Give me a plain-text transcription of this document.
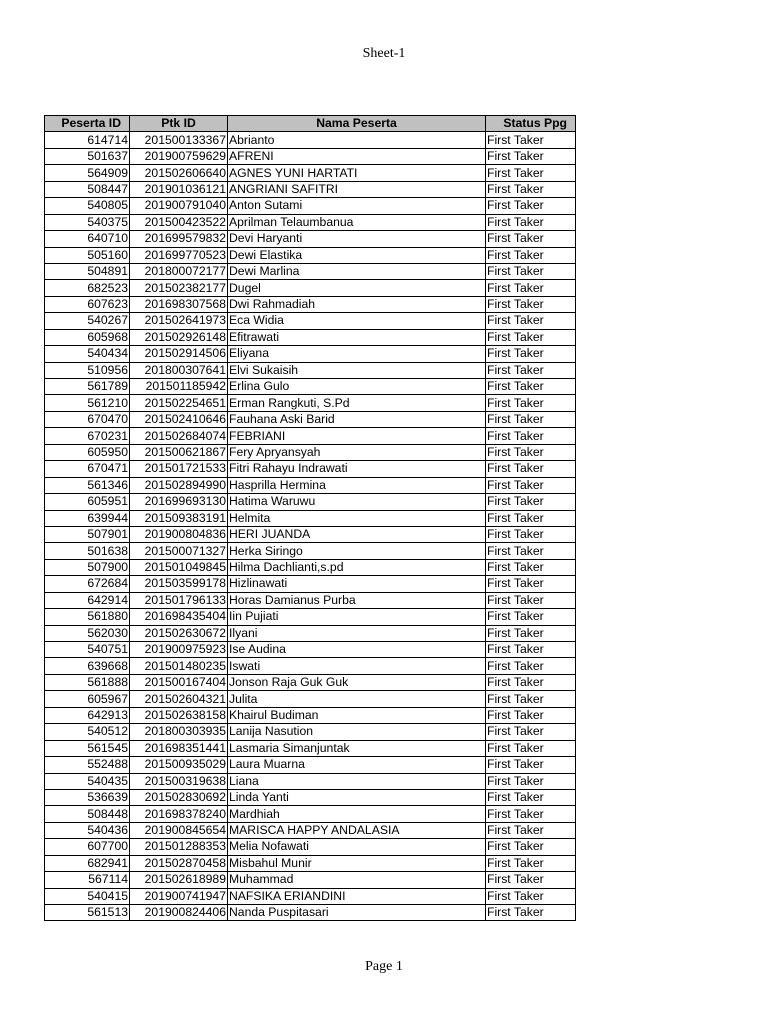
Sheet-1
Peserta ID	Ptk ID	Nama Peserta	Status Ppg
614714	201500133367	Abrianto	First Taker
501637	201900759629	AFRENI	First Taker
564909	201502606640	AGNES YUNI HARTATI	First Taker
508447	201901036121	ANGRIANI SAFITRI	First Taker
540805	201900791040	Anton Sutami	First Taker
540375	201500423522	Aprilman Telaumbanua	First Taker
640710	201699579832	Devi Haryanti	First Taker
505160	201699770523	Dewi Elastika	First Taker
504891	201800072177	Dewi Marlina	First Taker
682523	201502382177	Dugel	First Taker
607623	201698307568	Dwi Rahmadiah	First Taker
540267	201502641973	Eca Widia	First Taker
605968	201502926148	Efitrawati	First Taker
540434	201502914506	Eliyana	First Taker
510956	201800307641	Elvi Sukaisih	First Taker
561789	201501185942	Erlina Gulo	First Taker
561210	201502254651	Erman Rangkuti, S.Pd	First Taker
670470	201502410646	Fauhana Aski Barid	First Taker
670231	201502684074	FEBRIANI	First Taker
605950	201500621867	Fery Apryansyah	First Taker
670471	201501721533	Fitri Rahayu Indrawati	First Taker
561346	201502894990	Hasprilla Hermina	First Taker
605951	201699693130	Hatima Waruwu	First Taker
639944	201509383191	Helmita	First Taker
507901	201900804836	HERI JUANDA	First Taker
501638	201500071327	Herka Siringo	First Taker
507900	201501049845	Hilma Dachlianti,s.pd	First Taker
672684	201503599178	Hizlinawati	First Taker
642914	201501796133	Horas Damianus Purba	First Taker
561880	201698435404	Iin Pujiati	First Taker
562030	201502630672	Ilyani	First Taker
540751	201900975923	Ise Audina	First Taker
639668	201501480235	Iswati	First Taker
561888	201500167404	Jonson Raja Guk Guk	First Taker
605967	201502604321	Julita	First Taker
642913	201502638158	Khairul Budiman	First Taker
540512	201800303935	Lanija Nasution	First Taker
561545	201698351441	Lasmaria Simanjuntak	First Taker
552488	201500935029	Laura Muarna	First Taker
540435	201500319638	Liana	First Taker
536639	201502830692	Linda Yanti	First Taker
508448	201698378240	Mardhiah	First Taker
540436	201900845654	MARISCA HAPPY ANDALASIA	First Taker
607700	201501288353	Melia Nofawati	First Taker
682941	201502870458	Misbahul Munir	First Taker
567114	201502618989	Muhammad	First Taker
540415	201900741947	NAFSIKA ERIANDINI	First Taker
561513	201900824406	Nanda Puspitasari	First Taker
Page 1
